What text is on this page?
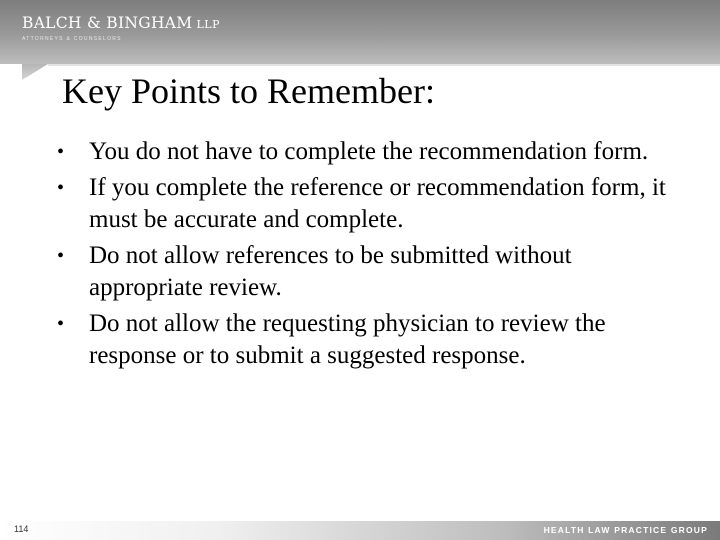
BALCH & BINGHAM LLP
ATTORNEYS & COUNSELORS
Key Points to Remember:
• You do not have to complete the recommendation form.
• If you complete the reference or recommendation form, it must be accurate and complete.
• Do not allow references to be submitted without appropriate review.
• Do not allow the requesting physician to review the response or to submit a suggested response.
114	HEALTH LAW PRACTICE GROUP
